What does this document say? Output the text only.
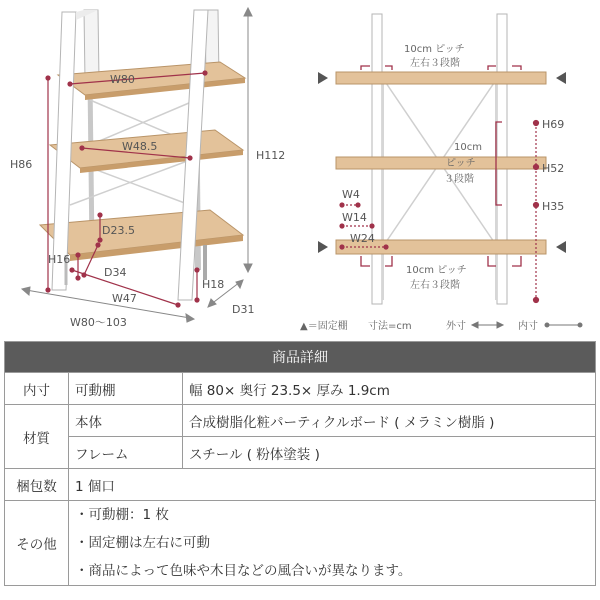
W80
W48.5
H112
H86
D23.5
H16
D34
W47
H18
W80～103
D31
10cm ピッチ
左右３段階
10cm
ピッチ
３段階
10cm ピッチ
左右３段階
H69
H52
H35
W4
W14
W24
▲＝固定棚 寸法=cm	外寸	内寸
商品詳細		
内寸	可動棚	幅 80× 奥行 23.5× 厚み 1.9cm
材質	本体	合成樹脂化粧パーティクルボード ( メラミン樹脂 )
	フレーム	スチール ( 粉体塗装 )
梱包数	1 個口	
その他	・可動棚：1 枚
・固定棚は左右に可動
・商品によって色味や木目などの風合いが異なります。	
